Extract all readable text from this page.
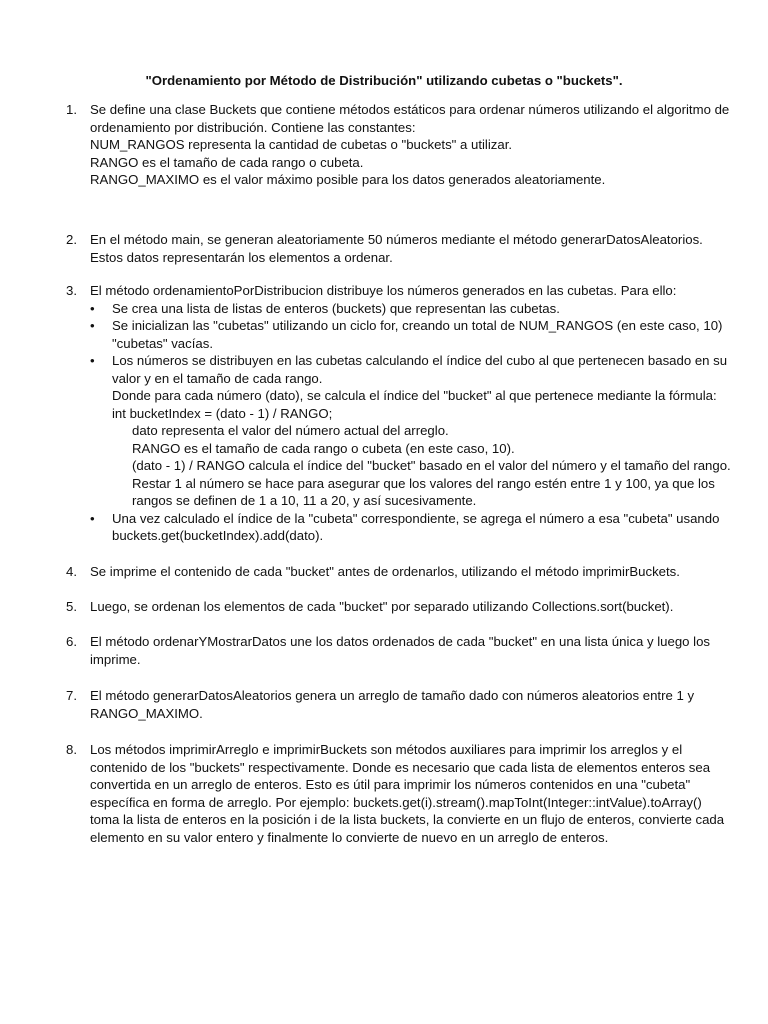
"Ordenamiento por Método de Distribución" utilizando cubetas o "buckets".
1. Se define una clase Buckets que contiene métodos estáticos para ordenar números utilizando el algoritmo de ordenamiento por distribución. Contiene las constantes:

NUM_RANGOS representa la cantidad de cubetas o "buckets" a utilizar.

RANGO es el tamaño de cada rango o cubeta.

RANGO_MAXIMO es el valor máximo posible para los datos generados aleatoriamente.

2. En el método main, se generan aleatoriamente 50 números mediante el método generarDatosAleatorios. Estos datos representarán los elementos a ordenar.

3. El método ordenamientoPorDistribucion distribuye los números generados en las cubetas. Para ello:

• Se crea una lista de listas de enteros (buckets) que representan las cubetas.
• Se inicializan las "cubetas" utilizando un ciclo for, creando un total de NUM_RANGOS (en este caso, 10) "cubetas" vacías.
• Los números se distribuyen en las cubetas calculando el índice del cubo al que pertenecen basado en su valor y en el tamaño de cada rango.
Donde para cada número (dato), se calcula el índice del "bucket" al que pertenece mediante la fórmula: int bucketIndex = (dato - 1) / RANGO;
dato representa el valor del número actual del arreglo.
RANGO es el tamaño de cada rango o cubeta (en este caso, 10).
(dato - 1) / RANGO calcula el índice del "bucket" basado en el valor del número y el tamaño del rango.
Restar 1 al número se hace para asegurar que los valores del rango estén entre 1 y 100, ya que los rangos se definen de 1 a 10, 11 a 20, y así sucesivamente.
• Una vez calculado el índice de la "cubeta" correspondiente, se agrega el número a esa "cubeta" usando buckets.get(bucketIndex).add(dato).
4. Se imprime el contenido de cada "bucket" antes de ordenarlos, utilizando el método imprimirBuckets.

5. Luego, se ordenan los elementos de cada "bucket" por separado utilizando Collections.sort(bucket).

6. El método ordenarYMostrarDatos une los datos ordenados de cada "bucket" en una lista única y luego los imprime.

7. El método generarDatosAleatorios genera un arreglo de tamaño dado con números aleatorios entre 1 y RANGO_MAXIMO.

8. Los métodos imprimirArreglo e imprimirBuckets son métodos auxiliares para imprimir los arreglos y el contenido de los "buckets" respectivamente. Donde es necesario que cada lista de elementos enteros sea convertida en un arreglo de enteros. Esto es útil para imprimir los números contenidos en una "cubeta" específica en forma de arreglo. Por ejemplo: buckets.get(i).stream().mapToInt(Integer::intValue).toArray() toma la lista de enteros en la posición i de la lista buckets, la convierte en un flujo de enteros, convierte cada elemento en su valor entero y finalmente lo convierte de nuevo en un arreglo de enteros.
